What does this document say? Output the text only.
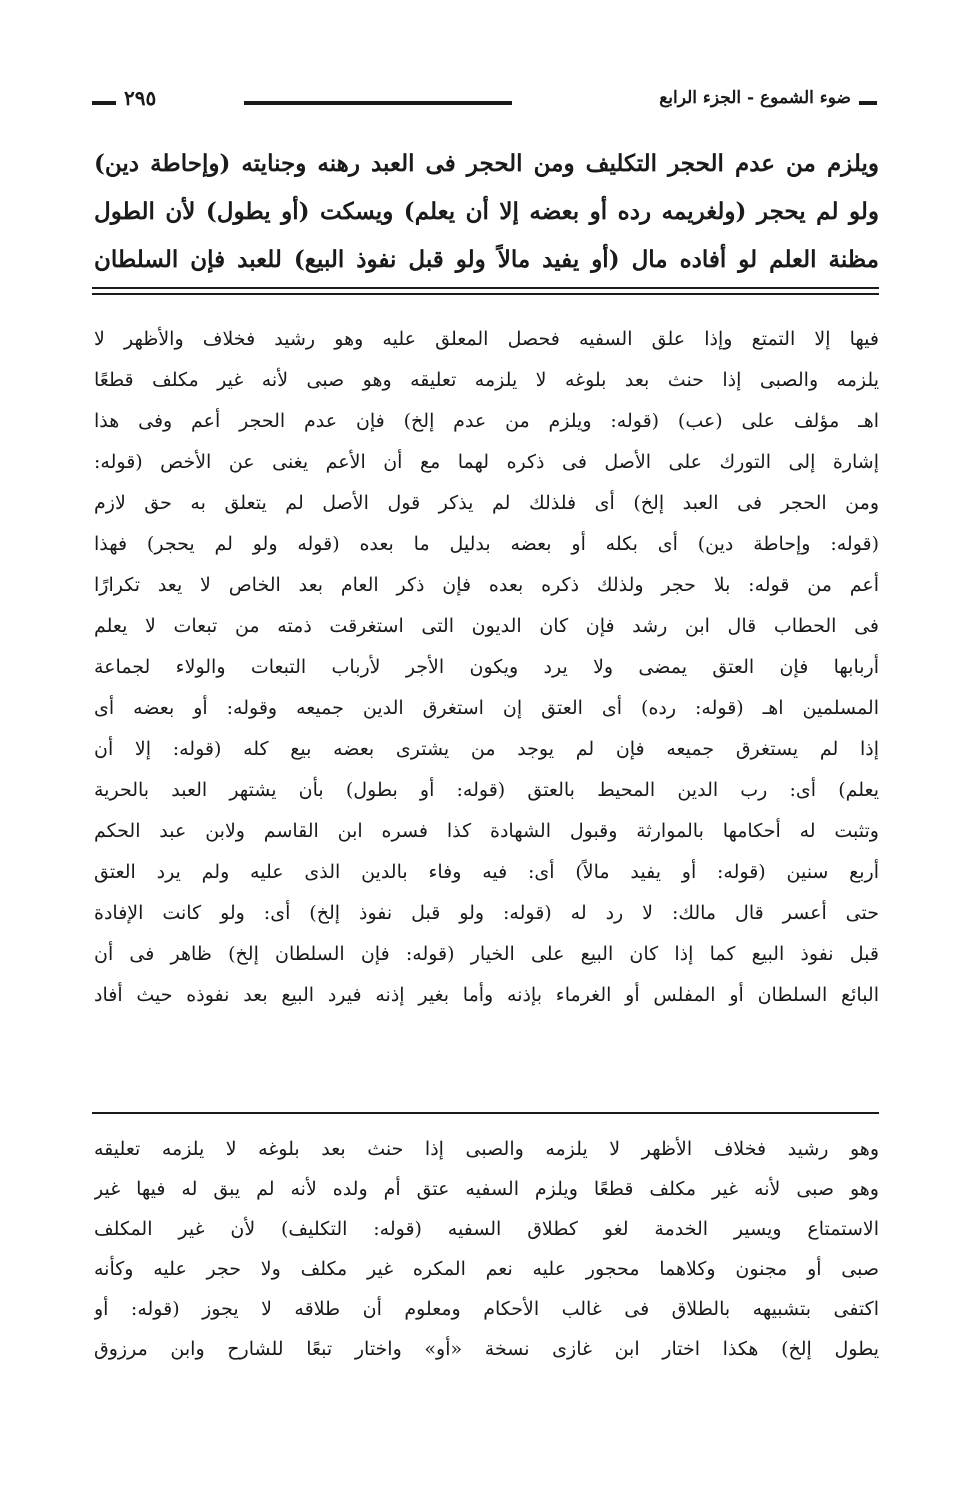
ضوء الشموع - الجزء الرابع
٢٩٥
ويلزم من عدم الحجر التكليف ومن الحجر فى العبد رهنه وجنايته (وإحاطة دين)
ولو لم يحجر (ولغريمه رده أو بعضه إلا أن يعلم) ويسكت (أو يطول) لأن الطول
مظنة العلم لو أفاده مال (أو يفيد مالاً ولو قبل نفوذ البيع) للعبد فإن السلطان
فيها إلا التمتع وإذا علق السفيه فحصل المعلق عليه وهو رشيد فخلاف والأظهر لا
يلزمه والصبى إذا حنث بعد بلوغه لا يلزمه تعليقه وهو صبى لأنه غير مكلف قطعًا
اهـ مؤلف على (عب) (قوله: ويلزم من عدم إلخ) فإن عدم الحجر أعم وفى هذا
إشارة إلى التورك على الأصل فى ذكره لهما مع أن الأعم يغنى عن الأخص (قوله:
ومن الحجر فى العبد إلخ) أى فلذلك لم يذكر قول الأصل لم يتعلق به حق لازم
(قوله: وإحاطة دين) أى بكله أو بعضه بدليل ما بعده (قوله ولو لم يحجر) فهذا
أعم من قوله: بلا حجر ولذلك ذكره بعده فإن ذكر العام بعد الخاص لا يعد تكرارًا
فى الحطاب قال ابن رشد فإن كان الديون التى استغرقت ذمته من تبعات لا يعلم
أربابها فإن العتق يمضى ولا يرد ويكون الأجر لأرباب التبعات والولاء لجماعة
المسلمين اهـ (قوله: رده) أى العتق إن استغرق الدين جميعه وقوله: أو بعضه أى
إذا لم يستغرق جميعه فإن لم يوجد من يشترى بعضه بيع كله (قوله: إلا أن
يعلم) أى: رب الدين المحيط بالعتق (قوله: أو بطول) بأن يشتهر العبد بالحرية
وتثبت له أحكامها بالموارثة وقبول الشهادة كذا فسره ابن القاسم ولابن عبد الحكم
أربع سنين (قوله: أو يفيد مالاً) أى: فيه وفاء بالدين الذى عليه ولم يرد العتق
حتى أعسر قال مالك: لا رد له (قوله: ولو قبل نفوذ إلخ) أى: ولو كانت الإفادة
قبل نفوذ البيع كما إذا كان البيع على الخيار (قوله: فإن السلطان إلخ) ظاهر فى أن
البائع السلطان أو المفلس أو الغرماء بإذنه وأما بغير إذنه فيرد البيع بعد نفوذه حيث أفاد
وهو رشيد فخلاف الأظهر لا يلزمه والصبى إذا حنث بعد بلوغه لا يلزمه تعليقه
وهو صبى لأنه غير مكلف قطعًا ويلزم السفيه عتق أم ولده لأنه لم يبق له فيها غير
الاستمتاع ويسير الخدمة لغو كطلاق السفيه (قوله: التكليف) لأن غير المكلف
صبى أو مجنون وكلاهما محجور عليه نعم المكره غير مكلف ولا حجر عليه وكأنه
اكتفى بتشبيهه بالطلاق فى غالب الأحكام ومعلوم أن طلاقه لا يجوز (قوله: أو
يطول إلخ) هكذا اختار ابن غازى نسخة «أو» واختار تبعًا للشارح وابن مرزوق
